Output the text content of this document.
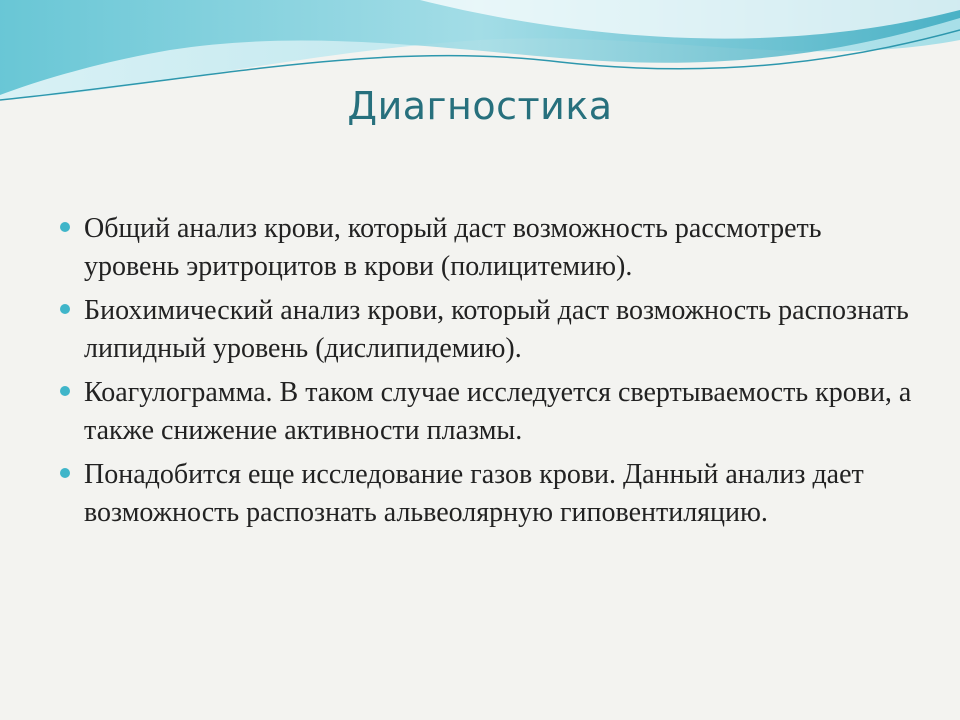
Диагностика
Общий анализ крови, который даст возможность рассмотреть уровень эритроцитов в крови (полицитемию).
Биохимический анализ крови, который даст возможность распознать липидный уровень (дислипидемию).
Коагулограмма. В таком случае исследуется свертываемость крови, а также снижение активности плазмы.
Понадобится еще исследование газов крови. Данный анализ дает возможность распознать альвеолярную гиповентиляцию.
